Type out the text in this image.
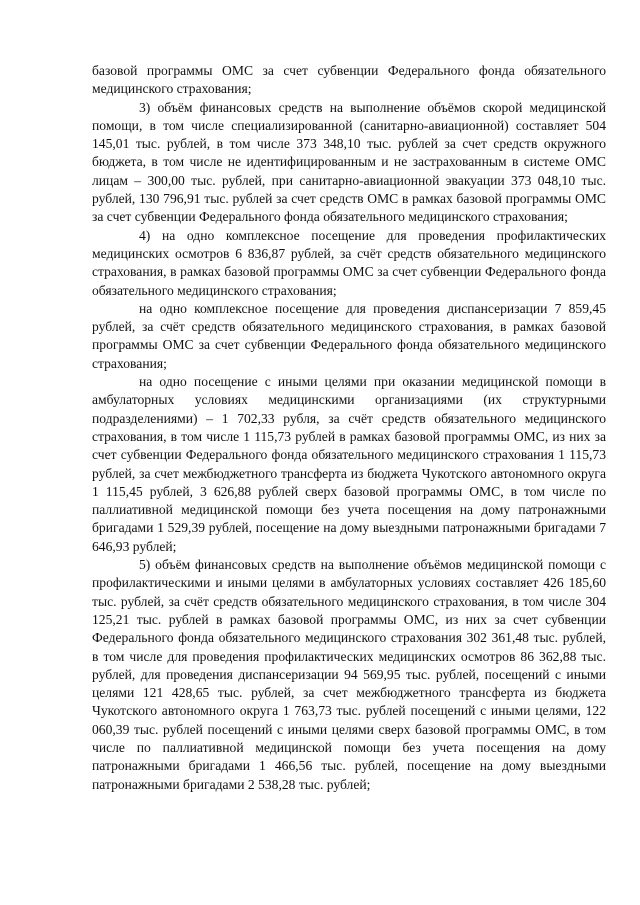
базовой программы ОМС за счет субвенции Федерального фонда обязательного медицинского страхования;

3) объём финансовых средств на выполнение объёмов скорой медицинской помощи, в том числе специализированной (санитарно-авиационной) составляет 504 145,01 тыс. рублей, в том числе 373 348,10 тыс. рублей за счет средств окружного бюджета, в том числе не идентифицированным и не застрахованным в системе ОМС лицам – 300,00 тыс. рублей, при санитарно-авиационной эвакуации 373 048,10 тыс. рублей, 130 796,91 тыс. рублей за счет средств ОМС в рамках базовой программы ОМС за счет субвенции Федерального фонда обязательного медицинского страхования;

4) на одно комплексное посещение для проведения профилактических медицинских осмотров 6 836,87 рублей, за счёт средств обязательного медицинского страхования, в рамках базовой программы ОМС за счет субвенции Федерального фонда обязательного медицинского страхования;

на одно комплексное посещение для проведения диспансеризации 7 859,45 рублей, за счёт средств обязательного медицинского страхования, в рамках базовой программы ОМС за счет субвенции Федерального фонда обязательного медицинского страхования;

на одно посещение с иными целями при оказании медицинской помощи в амбулаторных условиях медицинскими организациями (их структурными подразделениями) – 1 702,33 рубля, за счёт средств обязательного медицинского страхования, в том числе 1 115,73 рублей в рамках базовой программы ОМС, из них за счет субвенции Федерального фонда обязательного медицинского страхования 1 115,73 рублей, за счет межбюджетного трансферта из бюджета Чукотского автономного округа 1 115,45 рублей, 3 626,88 рублей сверх базовой программы ОМС, в том числе по паллиативной медицинской помощи без учета посещения на дому патронажными бригадами 1 529,39 рублей, посещение на дому выездными патронажными бригадами 7 646,93 рублей;

5) объём финансовых средств на выполнение объёмов медицинской помощи с профилактическими и иными целями в амбулаторных условиях составляет 426 185,60 тыс. рублей, за счёт средств обязательного медицинского страхования, в том числе 304 125,21 тыс. рублей в рамках базовой программы ОМС, из них за счет субвенции Федерального фонда обязательного медицинского страхования 302 361,48 тыс. рублей, в том числе для проведения профилактических медицинских осмотров 86 362,88 тыс. рублей, для проведения диспансеризации 94 569,95 тыс. рублей, посещений с иными целями 121 428,65 тыс. рублей, за счет межбюджетного трансферта из бюджета Чукотского автономного округа 1 763,73 тыс. рублей посещений с иными целями, 122 060,39 тыс. рублей посещений с иными целями сверх базовой программы ОМС, в том числе по паллиативной медицинской помощи без учета посещения на дому патронажными бригадами 1 466,56 тыс. рублей, посещение на дому выездными патронажными бригадами 2 538,28 тыс. рублей;
